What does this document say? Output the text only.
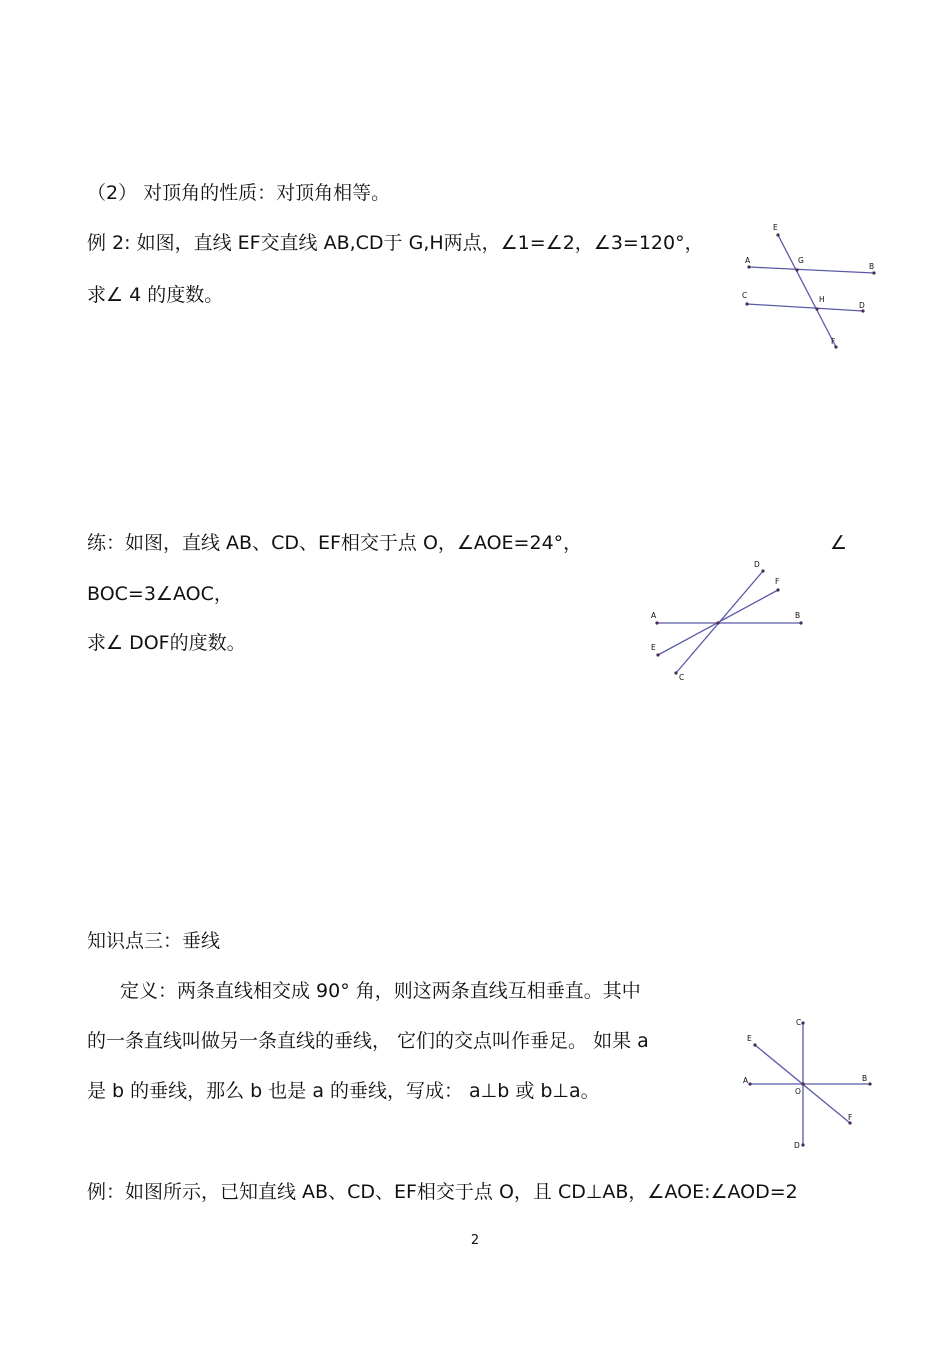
（2） 对顶角的性质：对顶角相等。
例 2: 如图，直线 EF交直线 AB,CD于 G,H两点，∠1=∠2，∠3=120°，
求∠ 4 的度数。
E
A	G
B
C	H
D
F
练：如图，直线 AB、CD、EF相交于点 O，∠AOE=24°，	∠
BOC=3∠AOC，
求∠ DOF的度数。
D
F
A	B
E
C
知识点三：垂线
定义：两条直线相交成 90° 角，则这两条直线互相垂直。其中
的一条直线叫做另一条直线的垂线， 它们的交点叫作垂足。 如果 a
是 b 的垂线，那么 b 也是 a 的垂线，写成： a⊥b 或 b⊥a。
C
E
A	B
O
F
D
例：如图所示，已知直线 AB、CD、EF相交于点 O，且 CD⊥AB，∠AOE:∠AOD=2
2
